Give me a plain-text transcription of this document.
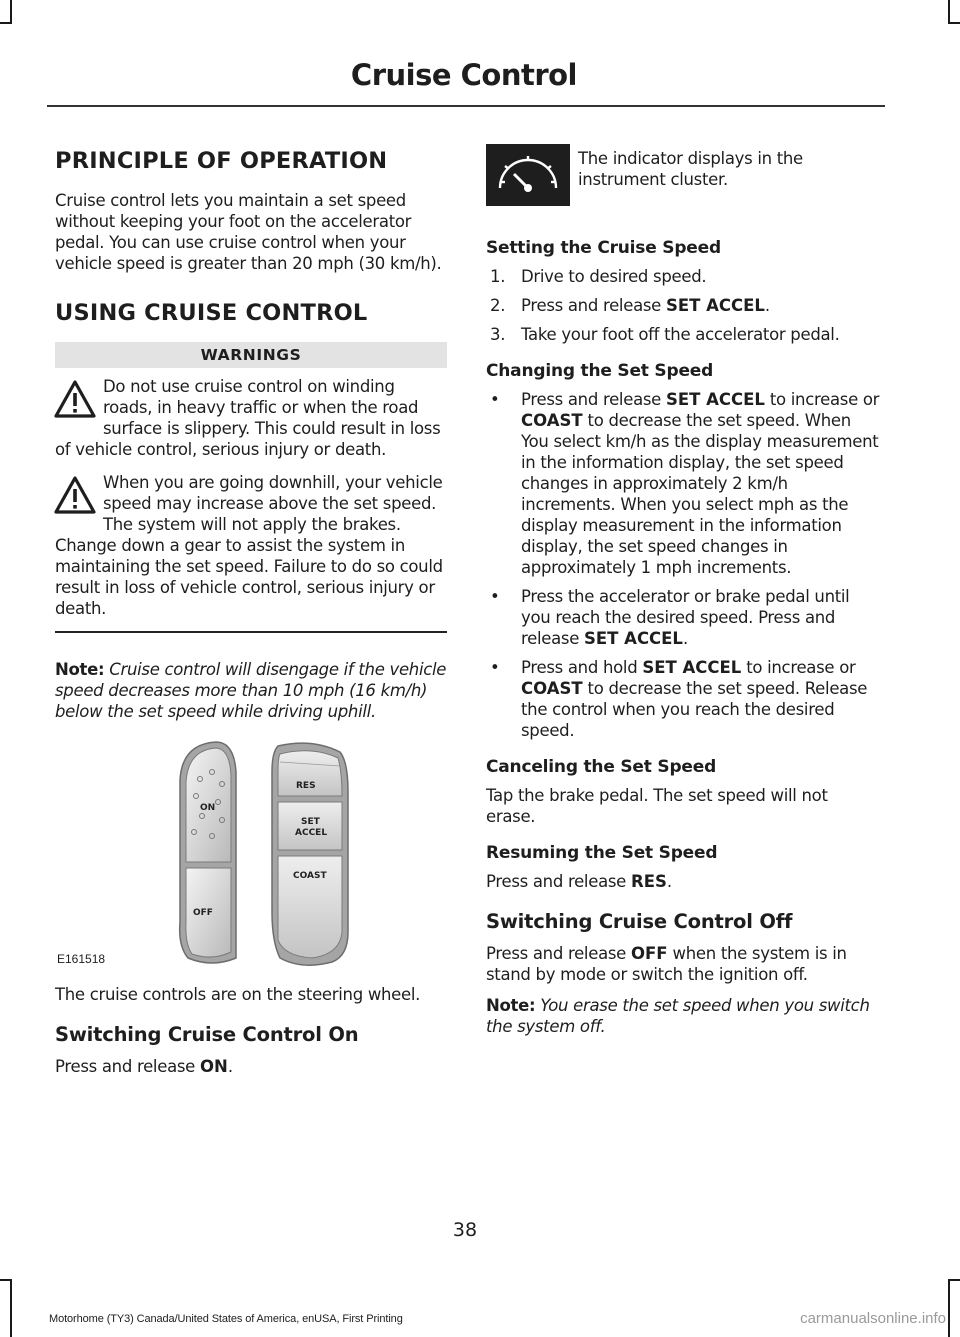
Cruise Control
PRINCIPLE OF OPERATION

Cruise control lets you maintain a set speed without keeping your foot on the accelerator pedal. You can use cruise control when your vehicle speed is greater than 20 mph (30 km/h).

USING CRUISE CONTROL
WARNINGS

Do not use cruise control on winding roads, in heavy traffic or when the road surface is slippery. This could result in loss of vehicle control, serious injury or death.

When you are going downhill, your vehicle speed may increase above the set speed. The system will not apply the brakes. Change down a gear to assist the system in maintaining the set speed. Failure to do so could result in loss of vehicle control, serious injury or death.

Note: Cruise control will disengage if the vehicle speed decreases more than 10 mph (16 km/h) below the set speed while driving uphill.

ON
OFF
RES
SET
ACCEL
COAST
E161518

The cruise controls are on the steering wheel.

Switching Cruise Control On

Press and release ON.

The indicator displays in the instrument cluster.

Setting the Cruise Speed
1. Drive to desired speed.
2. Press and release SET ACCEL.
3. Take your foot off the accelerator pedal.
Changing the Set Speed
• Press and release SET ACCEL to increase or COAST to decrease the set speed. When You select km/h as the display measurement in the information display, the set speed changes in approximately 2 km/h increments. When you select mph as the display measurement in the information display, the set speed changes in approximately 1 mph increments.
• Press the accelerator or brake pedal until you reach the desired speed. Press and release SET ACCEL.
• Press and hold SET ACCEL to increase or COAST to decrease the set speed. Release the control when you reach the desired speed.
Canceling the Set Speed

Tap the brake pedal. The set speed will not erase.

Resuming the Set Speed

Press and release RES.

Switching Cruise Control Off

Press and release OFF when the system is in stand by mode or switch the ignition off.

Note: You erase the set speed when you switch the system off.

38
Motorhome (TY3) Canada/United States of America, enUSA, First Printing	carmanualsonline.info
